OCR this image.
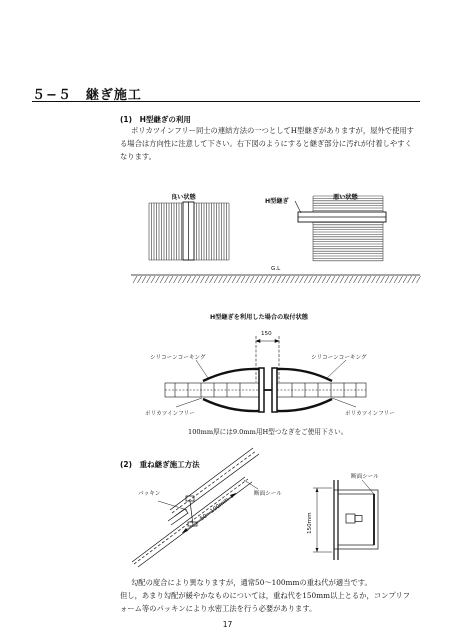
５−５　継ぎ施工
(1)　H型継ぎの利用
ポリカツインフリー同士の連結方法の一つとしてH型継ぎがありますが，屋外で使用す
る場合は方向性に注意して下さい。右下図のようにすると継ぎ部分に汚れが付着しやすく
なります。
良い状態	悪い状態
H型継ぎ
G.L
H型継ぎを利用した場合の取付状態
150
シリコーンコーキング	シリコーンコーキング
ポリカツインフリー	ポリカツインフリー
100mm厚には9.0mm用H型つなぎをご使用下さい。
(2)　重ね継ぎ施工方法
パッキン	断面シール
断面シール
50〜100mm
150mm
勾配の度合により異なりますが，通常50〜100mmの重ね代が適当です。
但し，あまり勾配が緩やかなものについては，重ね代を150mm以上とるか，コンプリフ
ォーム等のパッキンにより水密工法を行う必要があります。
17
